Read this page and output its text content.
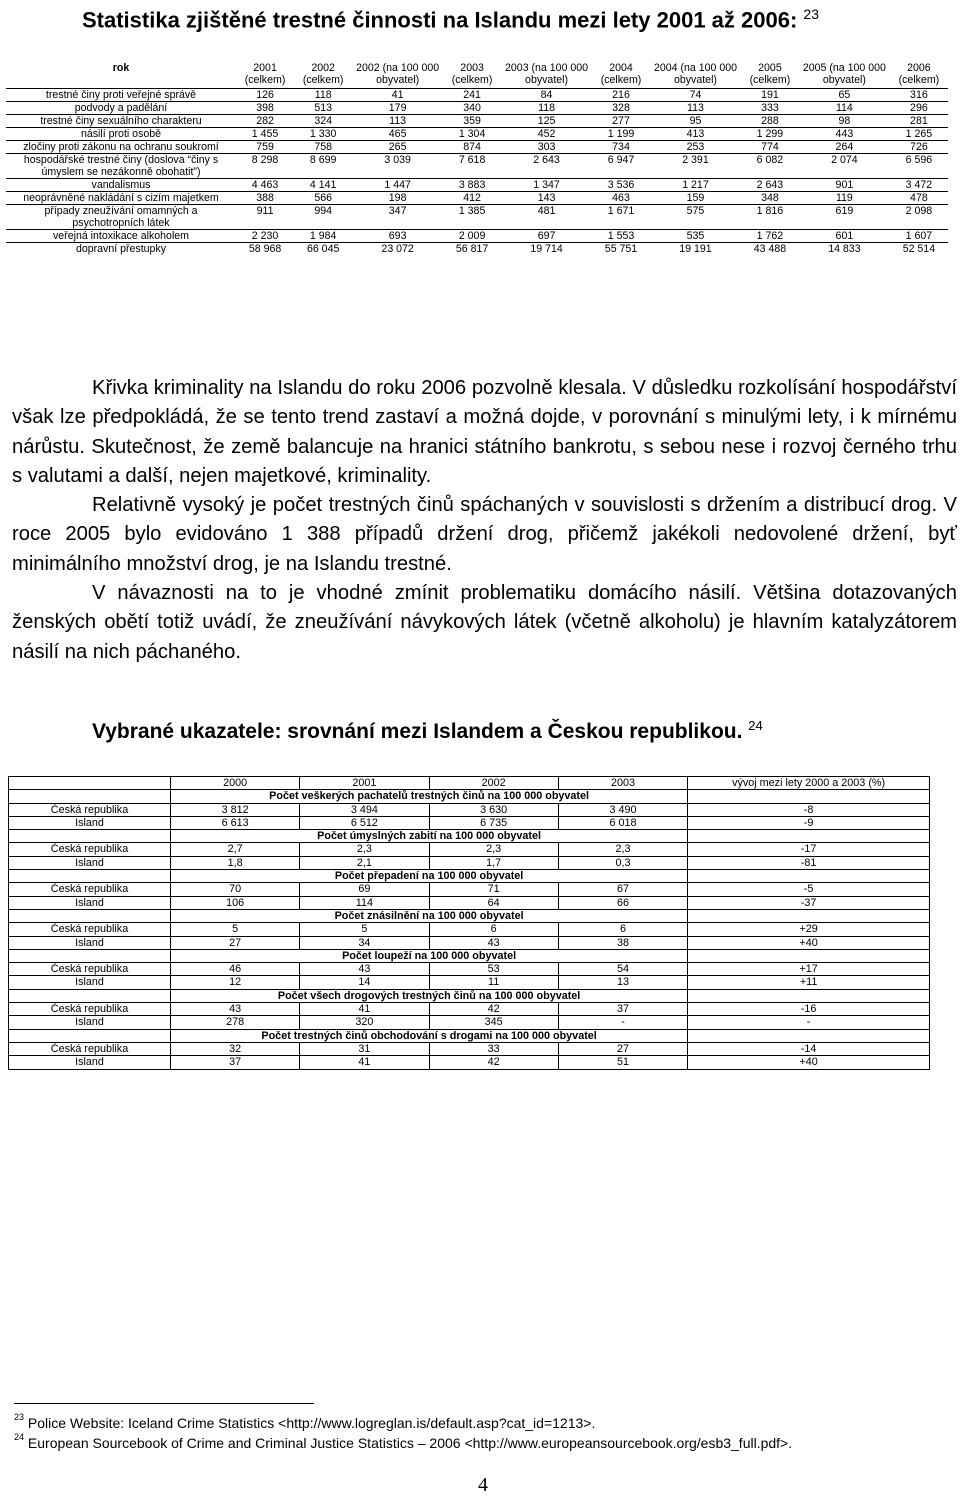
Statistika zjištěné trestné činnosti na Islandu mezi lety 2001 až 2006: $^{23}$
rok	2001 (celkem)	2002 (celkem)	2002 (na 100 000 obyvatel)	2003 (celkem)	2003 (na 100 000 obyvatel)	2004 (celkem)	2004 (na 100 000 obyvatel)	2005 (celkem)	2005 (na 100 000 obyvatel)	2006 (celkem)
trestné činy proti veřejné správě	126	118	41	241	84	216	74	191	65	316
podvody a padělání	398	513	179	340	118	328	113	333	114	296
trestné činy sexuálního charakteru	282	324	113	359	125	277	95	288	98	281
násilí proti osobě	1 455	1 330	465	1 304	452	1 199	413	1 299	443	1 265
zločiny proti zákonu na ochranu soukromí	759	758	265	874	303	734	253	774	264	726
hospodářské trestné činy (doslova “činy s úmyslem se nezákonně obohatit”)	8 298	8 699	3 039	7 618	2 643	6 947	2 391	6 082	2 074	6 596
vandalismus	4 463	4 141	1 447	3 883	1 347	3 536	1 217	2 643	901	3 472
neoprávněné nakládání s cizím majetkem	388	566	198	412	143	463	159	348	119	478
případy zneužívání omamných a psychotropních látek	911	994	347	1 385	481	1 671	575	1 816	619	2 098
veřejná intoxikace alkoholem	2 230	1 984	693	2 009	697	1 553	535	1 762	601	1 607
dopravní přestupky	58 968	66 045	23 072	56 817	19 714	55 751	19 191	43 488	14 833	52 514

Křivka kriminality na Islandu do roku 2006 pozvolně klesala. V důsledku rozkolísání hospodářství však lze předpokládá, že se tento trend zastaví a možná dojde, v porovnání s minulými lety, i k mírnému nárůstu. Skutečnost, že země balancuje na hranici státního bankrotu, s sebou nese i rozvoj černého trhu s valutami a další, nejen majetkové, kriminality.

Relativně vysoký je počet trestných činů spáchaných v souvislosti s držením a distribucí drog. V roce 2005 bylo evidováno 1 388 případů držení drog, přičemž jakékoli nedovolené držení, byť minimálního množství drog, je na Islandu trestné.

V návaznosti na to je vhodné zmínit problematiku domácího násilí. Většina dotazovaných ženských obětí totiž uvádí, že zneužívání návykových látek (včetně alkoholu) je hlavním katalyzátorem násilí na nich páchaného.

Vybrané ukazatele: srovnání mezi Islandem a Českou republikou. $^{24}$
	2000	2001	2002	2003	vývoj mezi lety 2000 a 2003 (%)
	Počet veškerých pachatelů trestných činů na 100 000 obyvatel				
Česká republika	3 812	3 494	3 630	3 490	-8
Island	6 613	6 512	6 735	6 018	-9
	Počet úmyslných zabití na 100 000 obyvatel				
Česká republika	2,7	2,3	2,3	2,3	-17
Island	1,8	2,1	1,7	0,3	-81
	Počet přepadení na 100 000 obyvatel				
Česká republika	70	69	71	67	-5
Island	106	114	64	66	-37
	Počet znásilnění na 100 000 obyvatel				
Česká republika	5	5	6	6	+29
Island	27	34	43	38	+40
	Počet loupeží na 100 000 obyvatel				
Česká republika	46	43	53	54	+17
Island	12	14	11	13	+11
	Počet všech drogových trestných činů na 100 000 obyvatel				
Česká republika	43	41	42	37	-16
Island	278	320	345	-	-
	Počet trestných činů obchodování s drogami na 100 000 obyvatel				
Česká republika	32	31	33	27	-14
Island	37	41	42	51	+40
$^{23}$ Police Website: Iceland Crime Statistics <http://www.logreglan.is/default.asp?cat_id=1213>.
$^{24}$ European Sourcebook of Crime and Criminal Justice Statistics – 2006 <http://www.europeansourcebook.org/esb3_full.pdf>.
4
